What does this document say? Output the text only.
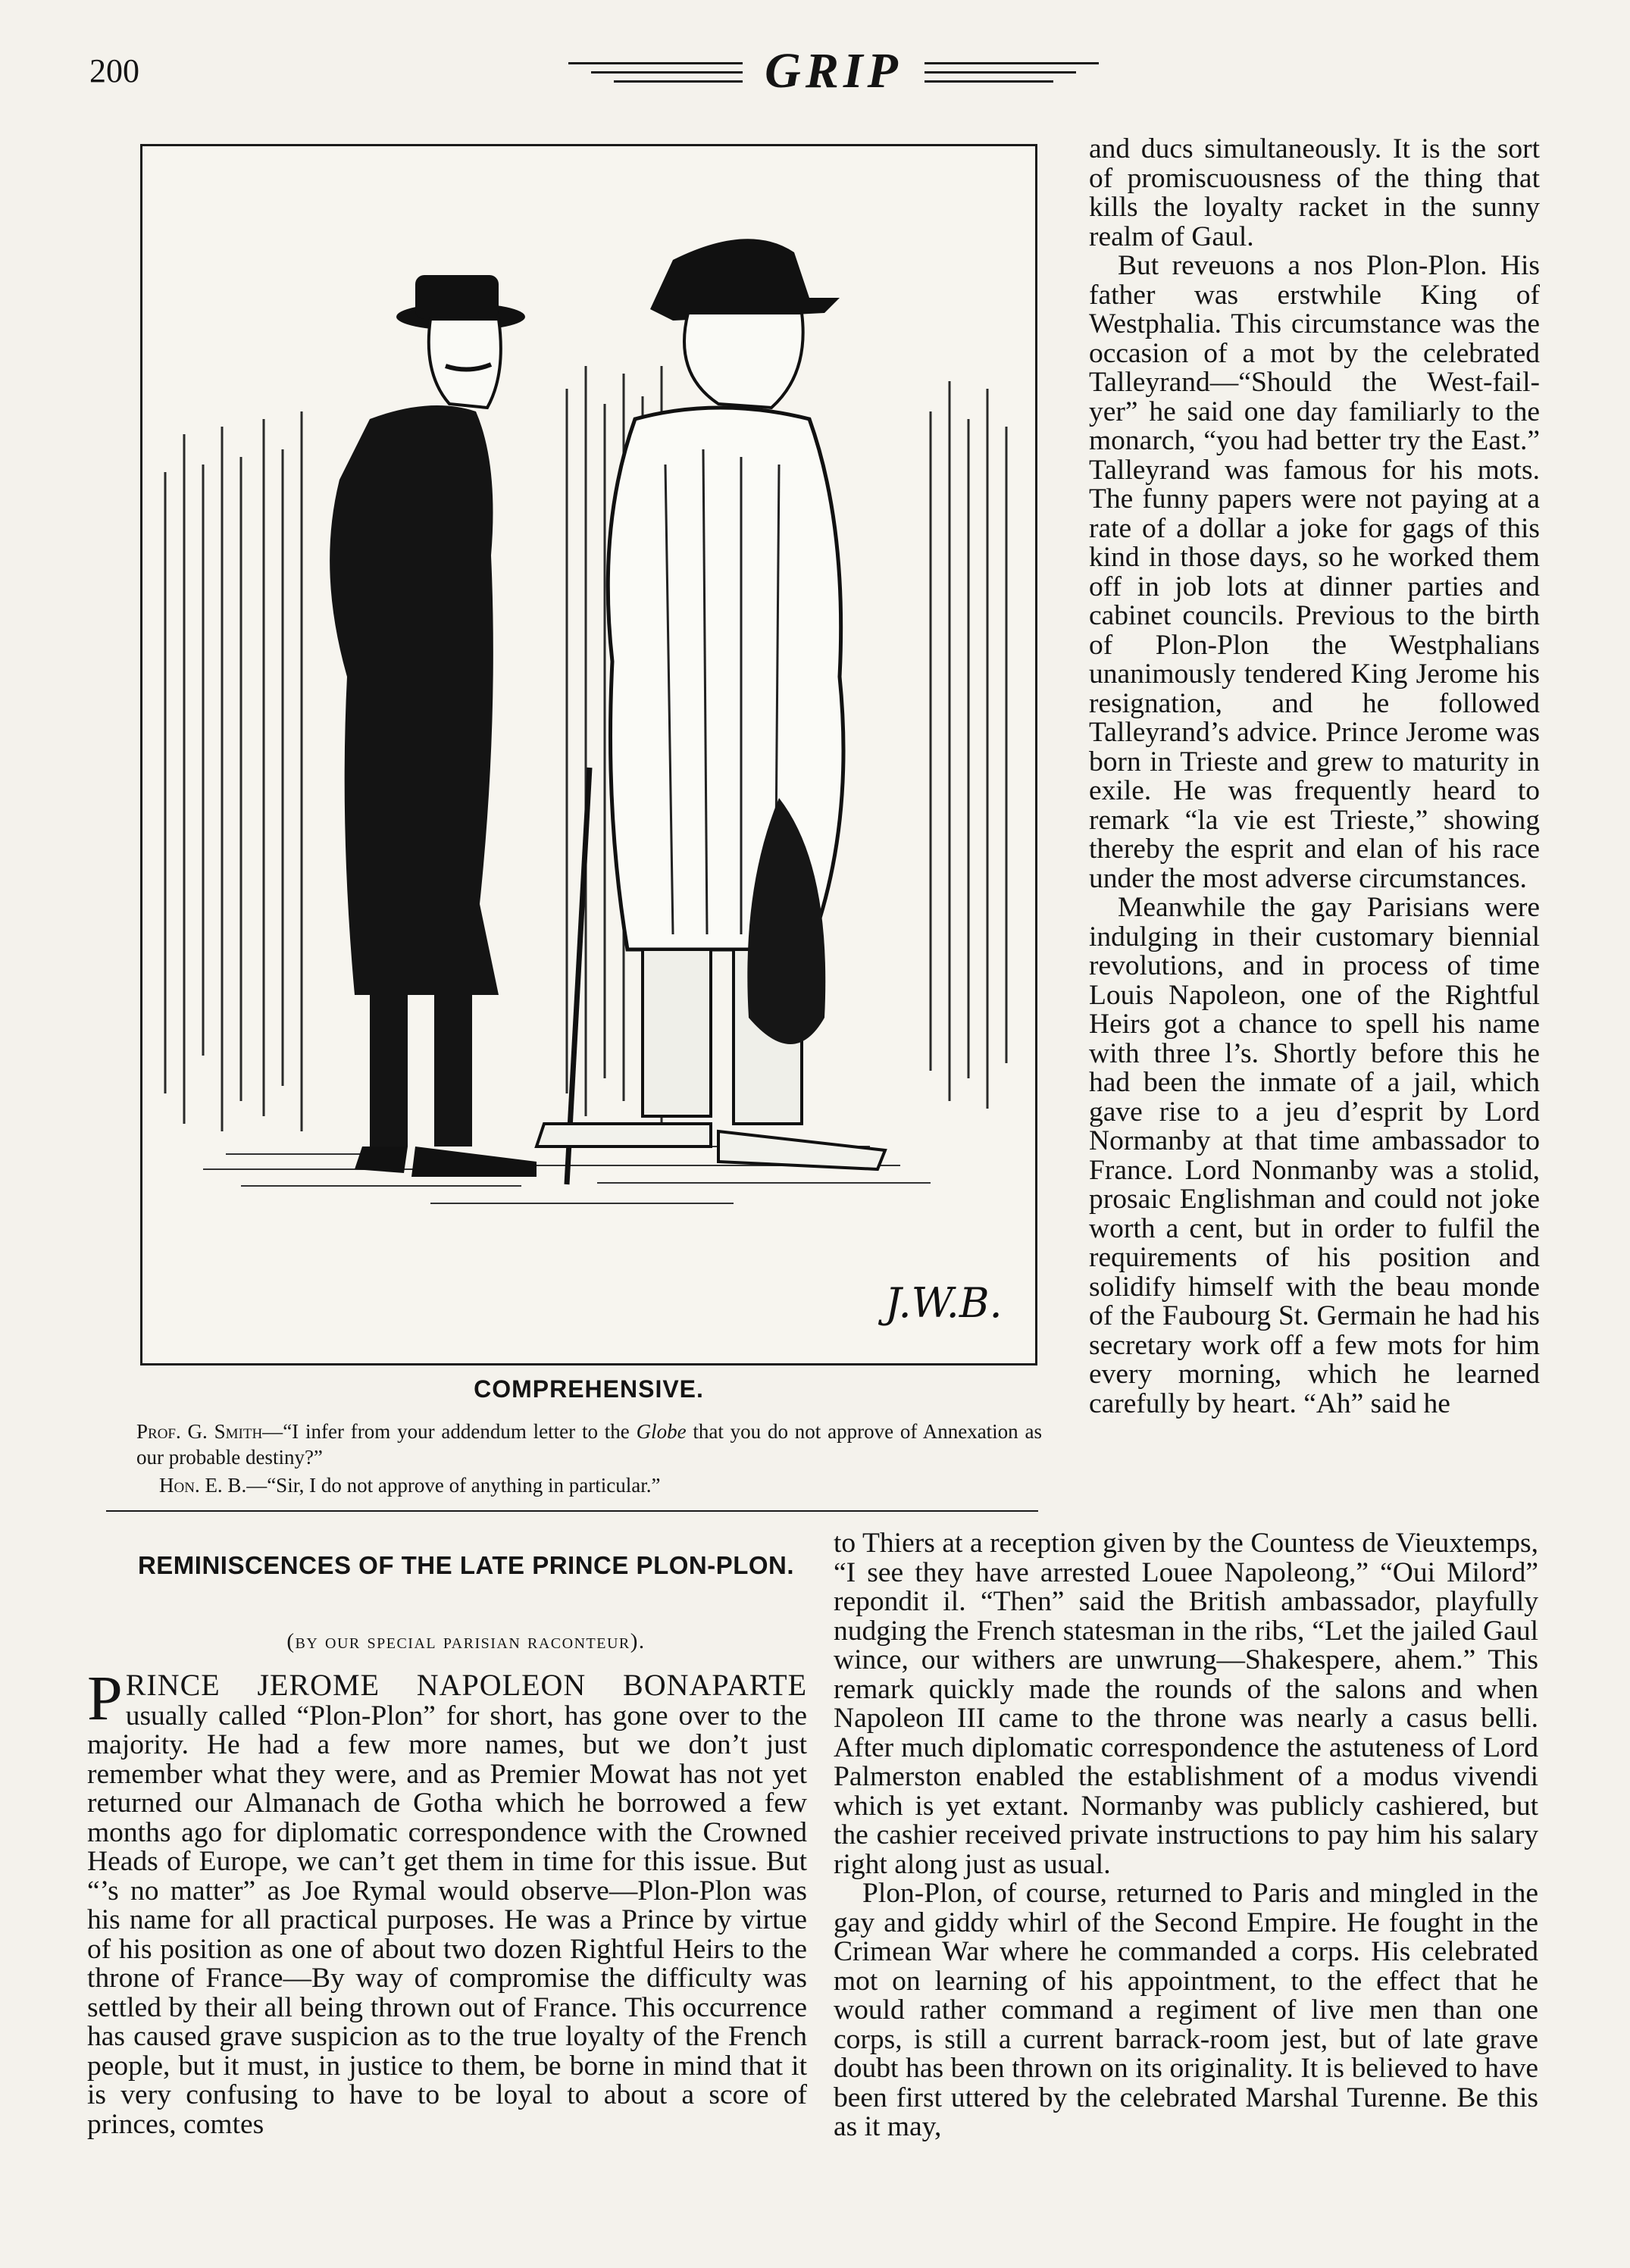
200	GRIP
J.W.B.
COMPREHENSIVE.
Prof. G. Smith—“I infer from your addendum letter to the Globe that you do not approve of Annexation as our probable destiny?”
Hon. E. B.—“Sir, I do not approve of anything in particular.”
REMINISCENCES OF THE LATE PRINCE PLON-PLON.
(by our special parisian raconteur).

PRINCE JEROME NAPOLEON BONAPARTE usually called “Plon-Plon” for short, has gone over to the majority. He had a few more names, but we don’t just remember what they were, and as Premier Mowat has not yet returned our Almanach de Gotha which he borrowed a few months ago for diplomatic correspondence with the Crowned Heads of Europe, we can’t get them in time for this issue. But “’s no matter” as Joe Rymal would observe—Plon-Plon was his name for all practical purposes. He was a Prince by virtue of his position as one of about two dozen Rightful Heirs to the throne of France—By way of compromise the difficulty was settled by their all being thrown out of France. This occurrence has caused grave suspicion as to the true loyalty of the French people, but it must, in justice to them, be borne in mind that it is very confusing to have to be loyal to about a score of princes, comtes

and ducs simultaneously. It is the sort of promiscuousness of the thing that kills the loyalty racket in the sunny realm of Gaul.

But reveuons a nos Plon-Plon. His father was erstwhile King of Westphalia. This circumstance was the occasion of a mot by the celebrated Talleyrand—“Should the West-fail-yer” he said one day familiarly to the monarch, “you had better try the East.” Talleyrand was famous for his mots. The funny papers were not paying at a rate of a dollar a joke for gags of this kind in those days, so he worked them off in job lots at dinner parties and cabinet councils. Previous to the birth of Plon-Plon the Westphalians unanimously tendered King Jerome his resignation, and he followed Talleyrand’s advice. Prince Jerome was born in Trieste and grew to maturity in exile. He was frequently heard to remark “la vie est Trieste,” showing thereby the esprit and elan of his race under the most adverse circumstances.

Meanwhile the gay Parisians were indulging in their customary biennial revolutions, and in process of time Louis Napoleon, one of the Rightful Heirs got a chance to spell his name with three l’s. Shortly before this he had been the inmate of a jail, which gave rise to a jeu d’esprit by Lord Normanby at that time ambassador to France. Lord Nonmanby was a stolid, prosaic Englishman and could not joke worth a cent, but in order to fulfil the requirements of his position and solidify himself with the beau monde of the Faubourg St. Germain he had his secretary work off a few mots for him every morning, which he learned carefully by heart. “Ah” said he

to Thiers at a reception given by the Countess de Vieuxtemps, “I see they have arrested Louee Napoleong,” “Oui Milord” repondit il. “Then” said the British ambassador, playfully nudging the French statesman in the ribs, “Let the jailed Gaul wince, our withers are unwrung—Shakespere, ahem.” This remark quickly made the rounds of the salons and when Napoleon III came to the throne was nearly a casus belli. After much diplomatic correspondence the astuteness of Lord Palmerston enabled the establishment of a modus vivendi which is yet extant. Normanby was publicly cashiered, but the cashier received private instructions to pay him his salary right along just as usual.

Plon-Plon, of course, returned to Paris and mingled in the gay and giddy whirl of the Second Empire. He fought in the Crimean War where he commanded a corps. His celebrated mot on learning of his appointment, to the effect that he would rather command a regiment of live men than one corps, is still a current barrack-room jest, but of late grave doubt has been thrown on its originality. It is believed to have been first uttered by the celebrated Marshal Turenne. Be this as it may,
